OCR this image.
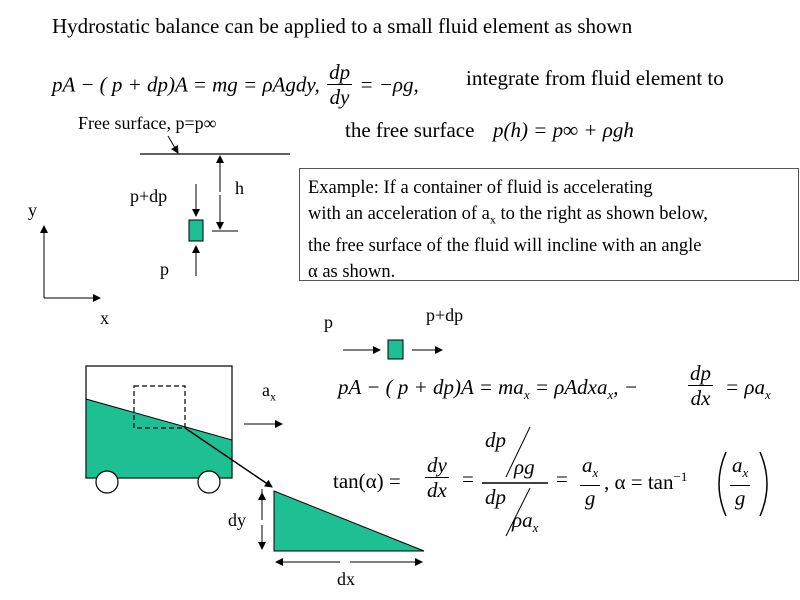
Hydrostatic balance can be applied to a small fluid element as shown
pA − ( p + dp)A = mg = ρAgdy, $\frac{dp}{dy} = -\rho g$, integrate from fluid element to
the free surface p(h) = p∞ + ρgh
Free surface, p=p∞
h
p+dp
p
y
x
Example: If a container of fluid is accelerating
with an acceleration of $a_x$ to the right as shown below,
the free surface of the fluid will incline with an angle
α as shown.
p	p+dp
$a_x$
dy
dx
pA − ( $p + dp)A = ma_x$ = ρAdxa$_x$, − $\frac{dp}{dx} = \rho a_x$
$\tan(\alpha) = \frac{dy}{dx}$ =
dp
ρg
dp
$\rho a_x$
= $\frac{a_x}{g}$ , $\alpha = \tan^{-1} \frac{a_x}{g}$
